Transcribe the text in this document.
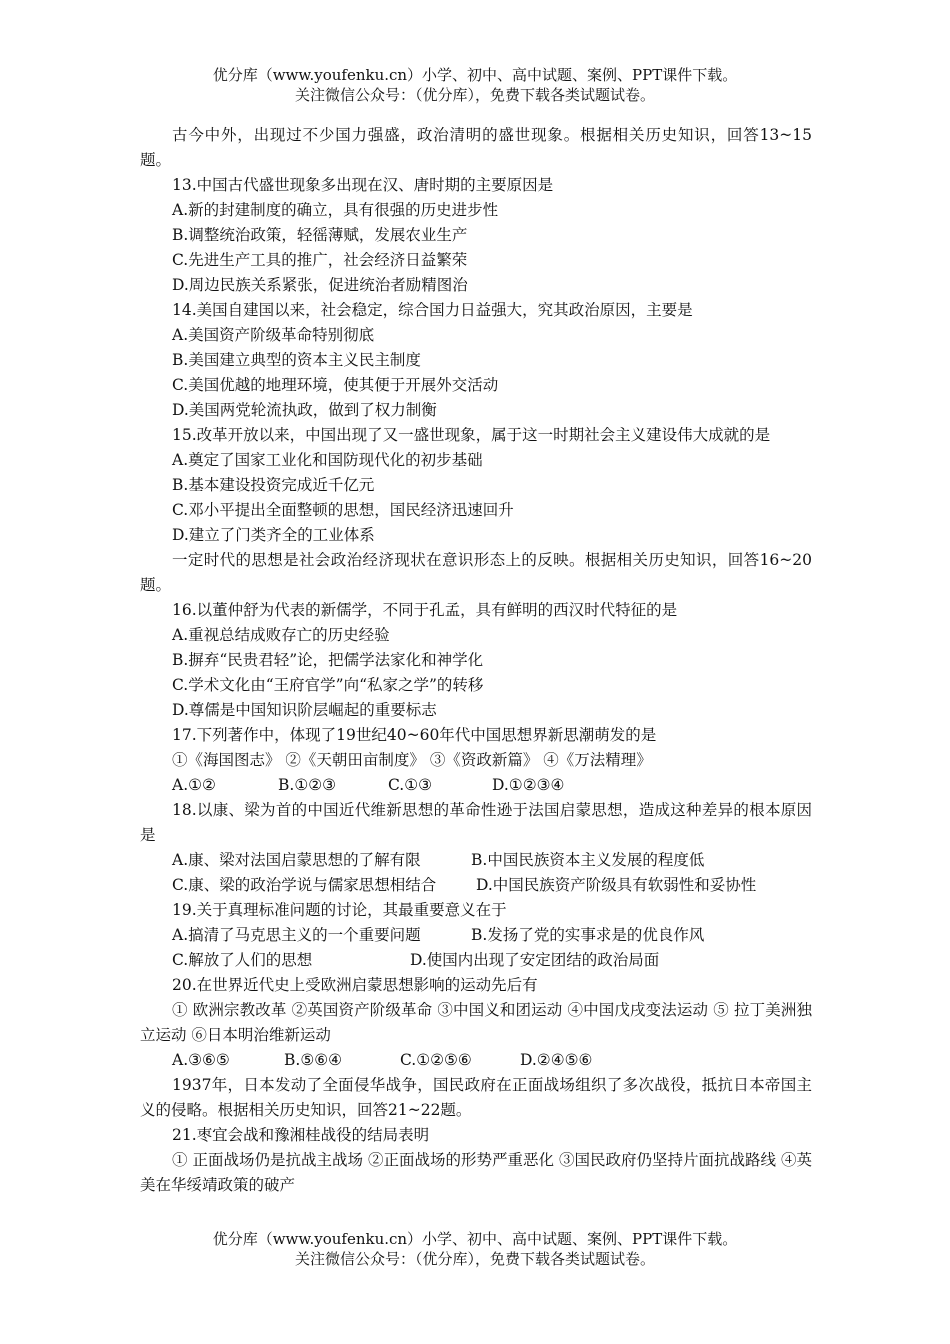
优分库（www.youfenku.cn）小学、初中、高中试题、案例、PPT课件下载。
关注微信公众号：（优分库），免费下载各类试题试卷。

古今中外，出现过不少国力强盛，政治清明的盛世现象。根据相关历史知识，回答13~15题。

13.中国古代盛世现象多出现在汉、唐时期的主要原因是

A.新的封建制度的确立，具有很强的历史进步性

B.调整统治政策，轻徭薄赋，发展农业生产

C.先进生产工具的推广，社会经济日益繁荣

D.周边民族关系紧张，促进统治者励精图治

14.美国自建国以来，社会稳定，综合国力日益强大，究其政治原因，主要是

A.美国资产阶级革命特别彻底

B.美国建立典型的资本主义民主制度

C.美国优越的地理环境，使其便于开展外交活动

D.美国两党轮流执政，做到了权力制衡

15.改革开放以来，中国出现了又一盛世现象，属于这一时期社会主义建设伟大成就的是

A.奠定了国家工业化和国防现代化的初步基础

B.基本建设投资完成近千亿元

C.邓小平提出全面整顿的思想，国民经济迅速回升

D.建立了门类齐全的工业体系

一定时代的思想是社会政治经济现状在意识形态上的反映。根据相关历史知识，回答16~20题。

16.以董仲舒为代表的新儒学，不同于孔孟，具有鲜明的西汉时代特征的是

A.重视总结成败存亡的历史经验

B.摒弃“民贵君轻”论，把儒学法家化和神学化

C.学术文化由“王府官学”向“私家之学”的转移

D.尊儒是中国知识阶层崛起的重要标志

17.下列著作中，体现了19世纪40~60年代中国思想界新思潮萌发的是

①《海国图志》 ②《天朝田亩制度》 ③《资政新篇》 ④《万法精理》

A.①②	B.①②③	C.①③	D.①②③④

18.以康、梁为首的中国近代维新思想的革命性逊于法国启蒙思想，造成这种差异的根本原因是

A.康、梁对法国启蒙思想的了解有限	B.中国民族资本主义发展的程度低
C.康、梁的政治学说与儒家思想相结合	D.中国民族资产阶级具有软弱性和妥协性

19.关于真理标准问题的讨论，其最重要意义在于

A.搞清了马克思主义的一个重要问题	B.发扬了党的实事求是的优良作风
C.解放了人们的思想	D.使国内出现了安定团结的政治局面

20.在世界近代史上受欧洲启蒙思想影响的运动先后有

① 欧洲宗教改革 ②英国资产阶级革命 ③中国义和团运动 ④中国戊戌变法运动 ⑤ 拉丁美洲独立运动 ⑥日本明治维新运动

A.③⑥⑤	B.⑤⑥④	C.①②⑤⑥	D.②④⑤⑥

1937年，日本发动了全面侵华战争，国民政府在正面战场组织了多次战役，抵抗日本帝国主义的侵略。根据相关历史知识，回答21~22题。

21.枣宜会战和豫湘桂战役的结局表明

① 正面战场仍是抗战主战场 ②正面战场的形势严重恶化 ③国民政府仍坚持片面抗战路线 ④英美在华绥靖政策的破产

优分库（www.youfenku.cn）小学、初中、高中试题、案例、PPT课件下载。
关注微信公众号：（优分库），免费下载各类试题试卷。
